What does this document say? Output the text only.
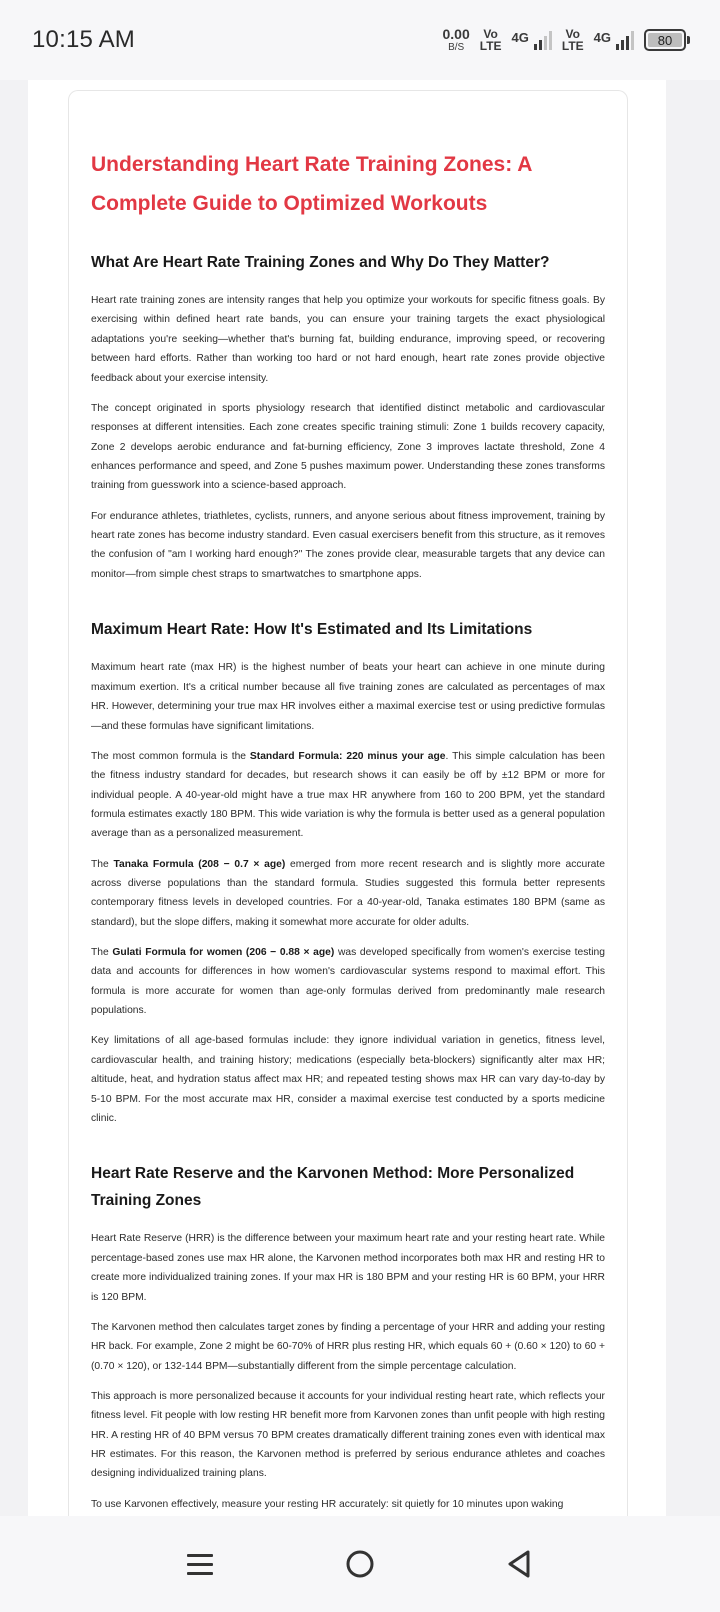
10:15 AM	0.00
B/S
Vo
LTE
4G	Vo
LTE
4G	80
Understanding Heart Rate Training Zones: A Complete Guide to Optimized Workouts
What Are Heart Rate Training Zones and Why Do They Matter?

Heart rate training zones are intensity ranges that help you optimize your workouts for specific fitness goals. By exercising within defined heart rate bands, you can ensure your training targets the exact physiological adaptations you're seeking—whether that's burning fat, building endurance, improving speed, or recovering between hard efforts. Rather than working too hard or not hard enough, heart rate zones provide objective feedback about your exercise intensity.

The concept originated in sports physiology research that identified distinct metabolic and cardiovascular responses at different intensities. Each zone creates specific training stimuli: Zone 1 builds recovery capacity, Zone 2 develops aerobic endurance and fat-burning efficiency, Zone 3 improves lactate threshold, Zone 4 enhances performance and speed, and Zone 5 pushes maximum power. Understanding these zones transforms training from guesswork into a science-based approach.

For endurance athletes, triathletes, cyclists, runners, and anyone serious about fitness improvement, training by heart rate zones has become industry standard. Even casual exercisers benefit from this structure, as it removes the confusion of "am I working hard enough?" The zones provide clear, measurable targets that any device can monitor—from simple chest straps to smartwatches to smartphone apps.

Maximum Heart Rate: How It's Estimated and Its Limitations

Maximum heart rate (max HR) is the highest number of beats your heart can achieve in one minute during maximum exertion. It's a critical number because all five training zones are calculated as percentages of max HR. However, determining your true max HR involves either a maximal exercise test or using predictive formulas—and these formulas have significant limitations.

The most common formula is the Standard Formula: 220 minus your age. This simple calculation has been the fitness industry standard for decades, but research shows it can easily be off by ±12 BPM or more for individual people. A 40-year-old might have a true max HR anywhere from 160 to 200 BPM, yet the standard formula estimates exactly 180 BPM. This wide variation is why the formula is better used as a general population average than as a personalized measurement.

The Tanaka Formula (208 − 0.7 × age) emerged from more recent research and is slightly more accurate across diverse populations than the standard formula. Studies suggested this formula better represents contemporary fitness levels in developed countries. For a 40-year-old, Tanaka estimates 180 BPM (same as standard), but the slope differs, making it somewhat more accurate for older adults.

The Gulati Formula for women (206 − 0.88 × age) was developed specifically from women's exercise testing data and accounts for differences in how women's cardiovascular systems respond to maximal effort. This formula is more accurate for women than age-only formulas derived from predominantly male research populations.

Key limitations of all age-based formulas include: they ignore individual variation in genetics, fitness level, cardiovascular health, and training history; medications (especially beta-blockers) significantly alter max HR; altitude, heat, and hydration status affect max HR; and repeated testing shows max HR can vary day-to-day by 5-10 BPM. For the most accurate max HR, consider a maximal exercise test conducted by a sports medicine clinic.

Heart Rate Reserve and the Karvonen Method: More Personalized Training Zones

Heart Rate Reserve (HRR) is the difference between your maximum heart rate and your resting heart rate. While percentage-based zones use max HR alone, the Karvonen method incorporates both max HR and resting HR to create more individualized training zones. If your max HR is 180 BPM and your resting HR is 60 BPM, your HRR is 120 BPM.

The Karvonen method then calculates target zones by finding a percentage of your HRR and adding your resting HR back. For example, Zone 2 might be 60-70% of HRR plus resting HR, which equals 60 + (0.60 × 120) to 60 + (0.70 × 120), or 132-144 BPM—substantially different from the simple percentage calculation.

This approach is more personalized because it accounts for your individual resting heart rate, which reflects your fitness level. Fit people with low resting HR benefit more from Karvonen zones than unfit people with high resting HR. A resting HR of 40 BPM versus 70 BPM creates dramatically different training zones even with identical max HR estimates. For this reason, the Karvonen method is preferred by serious endurance athletes and coaches designing individualized training plans.

To use Karvonen effectively, measure your resting HR accurately: sit quietly for 10 minutes upon waking
